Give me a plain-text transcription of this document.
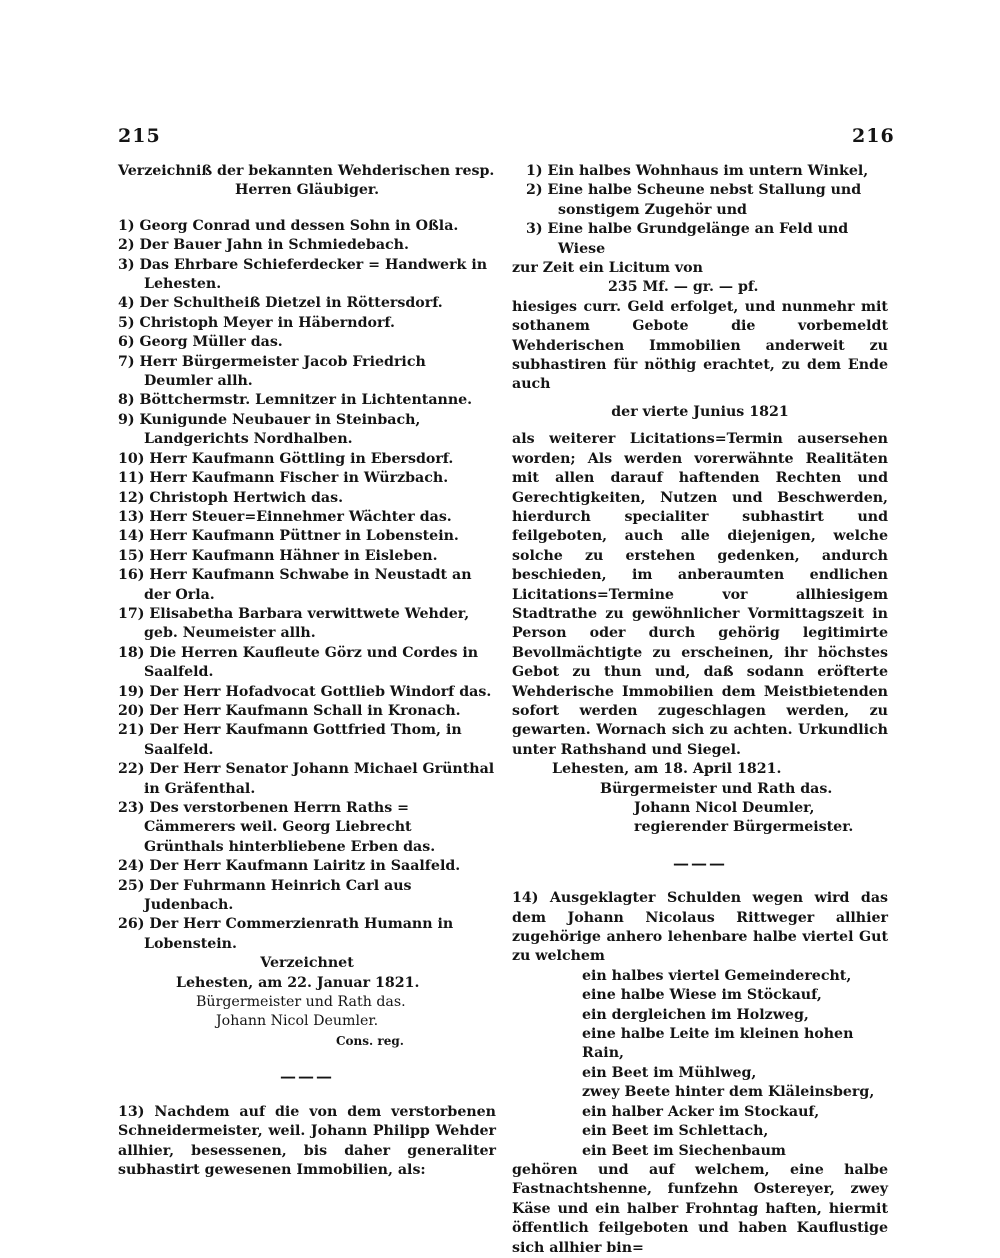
215	216
Verzeichniß der bekannten Wehderischen resp.
Herren Gläubiger.
1) Georg Conrad und dessen Sohn in Oßla.
2) Der Bauer Jahn in Schmiedebach.
3) Das Ehrbare Schieferdecker = Handwerk in Lehesten.
4) Der Schultheiß Dietzel in Röttersdorf.
5) Christoph Meyer in Häberndorf.
6) Georg Müller das.
7) Herr Bürgermeister Jacob Friedrich Deumler allh.
8) Böttchermstr. Lemnitzer in Lichtentanne.
9) Kunigunde Neubauer in Steinbach, Landgerichts Nordhalben.
10) Herr Kaufmann Göttling in Ebersdorf.
11) Herr Kaufmann Fischer in Würzbach.
12) Christoph Hertwich das.
13) Herr Steuer=Einnehmer Wächter das.
14) Herr Kaufmann Püttner in Lobenstein.
15) Herr Kaufmann Hähner in Eisleben.
16) Herr Kaufmann Schwabe in Neustadt an der Orla.
17) Elisabetha Barbara verwittwete Wehder, geb. Neumeister allh.
18) Die Herren Kaufleute Görz und Cordes in Saalfeld.
19) Der Herr Hofadvocat Gottlieb Windorf das.
20) Der Herr Kaufmann Schall in Kronach.
21) Der Herr Kaufmann Gottfried Thom, in Saalfeld.
22) Der Herr Senator Johann Michael Grünthal in Gräfenthal.
23) Des verstorbenen Herrn Raths = Cämmerers weil. Georg Liebrecht Grünthals hinterbliebene Erben das.
24) Der Herr Kaufmann Lairitz in Saalfeld.
25) Der Fuhrmann Heinrich Carl aus Judenbach.
26) Der Herr Commerzienrath Humann in Lobenstein.
Verzeichnet
Lehesten, am 22. Januar 1821.
Bürgermeister und Rath das.
Johann Nicol Deumler.
Cons. reg.
———
13) Nachdem auf die von dem verstorbenen Schneidermeister, weil. Johann Philipp Wehder allhier, besessenen, bis daher generaliter subhastirt gewesenen Immobilien, als:
1) Ein halbes Wohnhaus im untern Winkel,
2) Eine halbe Scheune nebst Stallung und sonstigem Zugehör und
3) Eine halbe Grundgelänge an Feld und Wiese
zur Zeit ein Licitum von
235 Mf. — gr. — pf.
hiesiges curr. Geld erfolget, und nunmehr mit sothanem Gebote die vorbemeldt Wehderischen Immobilien anderweit zu subhastiren für nöthig erachtet, zu dem Ende auch
der vierte Junius 1821
als weiterer Licitations=Termin ausersehen worden; Als werden vorerwähnte Realitäten mit allen darauf haftenden Rechten und Gerechtigkeiten, Nutzen und Beschwerden, hierdurch specialiter subhastirt und feilgeboten, auch alle diejenigen, welche solche zu erstehen gedenken, andurch beschieden, im anberaumten endlichen Licitations=Termine vor allhiesigem Stadtrathe zu gewöhnlicher Vormittagszeit in Person oder durch gehörig legitimirte Bevollmächtigte zu erscheinen, ihr höchstes Gebot zu thun und, daß sodann eröfterte Wehderische Immobilien dem Meistbietenden sofort werden zugeschlagen werden, zu gewarten. Wornach sich zu achten. Urkundlich unter Rathshand und Siegel.
Lehesten, am 18. April 1821.
Bürgermeister und Rath das.
Johann Nicol Deumler,
regierender Bürgermeister.
———
14) Ausgeklagter Schulden wegen wird das dem Johann Nicolaus Rittweger allhier zugehörige anhero lehenbare halbe viertel Gut zu welchem
ein halbes viertel Gemeinderecht,
eine halbe Wiese im Stöckauf,
ein dergleichen im Holzweg,
eine halbe Leite im kleinen hohen Rain,
ein Beet im Mühlweg,
zwey Beete hinter dem Kläleinsberg,
ein halber Acker im Stockauf,
ein Beet im Schlettach,
ein Beet im Siechenbaum
gehören und auf welchem, eine halbe Fastnachtshenne, funfzehn Ostereyer, zwey Käse und ein halber Frohntag haften, hiermit öffentlich feilgeboten und haben Kauflustige sich allhier bin=
